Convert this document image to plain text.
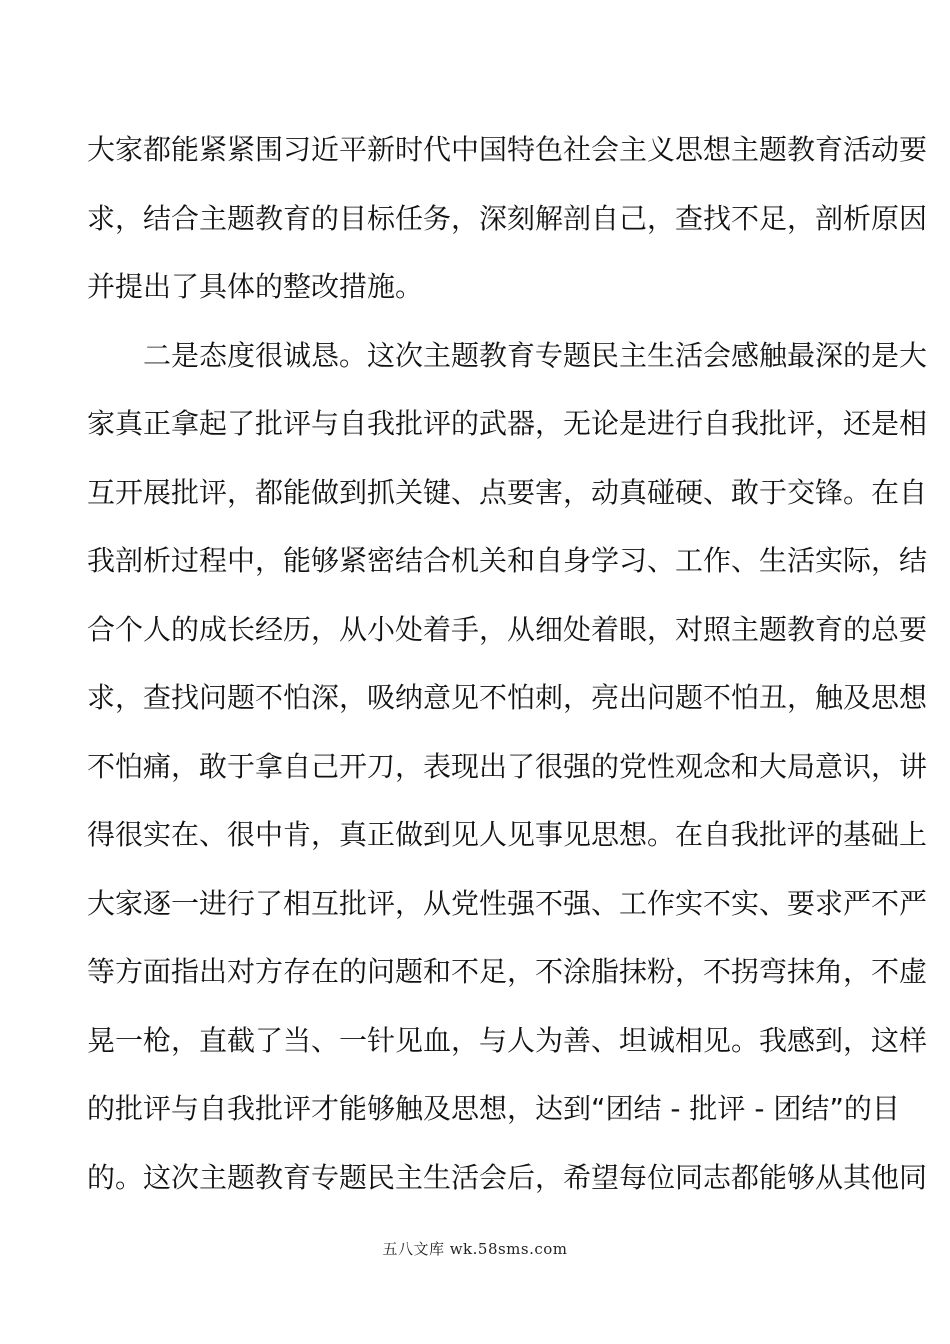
大家都能紧紧围习近平新时代中国特色社会主义思想主题教育活动要
求，结合主题教育的目标任务，深刻解剖自己，查找不足，剖析原因
并提出了具体的整改措施。
二是态度很诚恳。这次主题教育专题民主生活会感触最深的是大
家真正拿起了批评与自我批评的武器，无论是进行自我批评，还是相
互开展批评，都能做到抓关键、点要害，动真碰硬、敢于交锋。在自
我剖析过程中，能够紧密结合机关和自身学习、工作、生活实际，结
合个人的成长经历，从小处着手，从细处着眼，对照主题教育的总要
求，查找问题不怕深，吸纳意见不怕刺，亮出问题不怕丑，触及思想
不怕痛，敢于拿自己开刀，表现出了很强的党性观念和大局意识，讲
得很实在、很中肯，真正做到见人见事见思想。在自我批评的基础上
大家逐一进行了相互批评，从党性强不强、工作实不实、要求严不严
等方面指出对方存在的问题和不足，不涂脂抹粉，不拐弯抹角，不虚
晃一枪，直截了当、一针见血，与人为善、坦诚相见。我感到，这样
的批评与自我批评才能够触及思想，达到“团结 - 批评 - 团结”的目
的。这次主题教育专题民主生活会后，希望每位同志都能够从其他同
五八文库 wk.58sms.com
